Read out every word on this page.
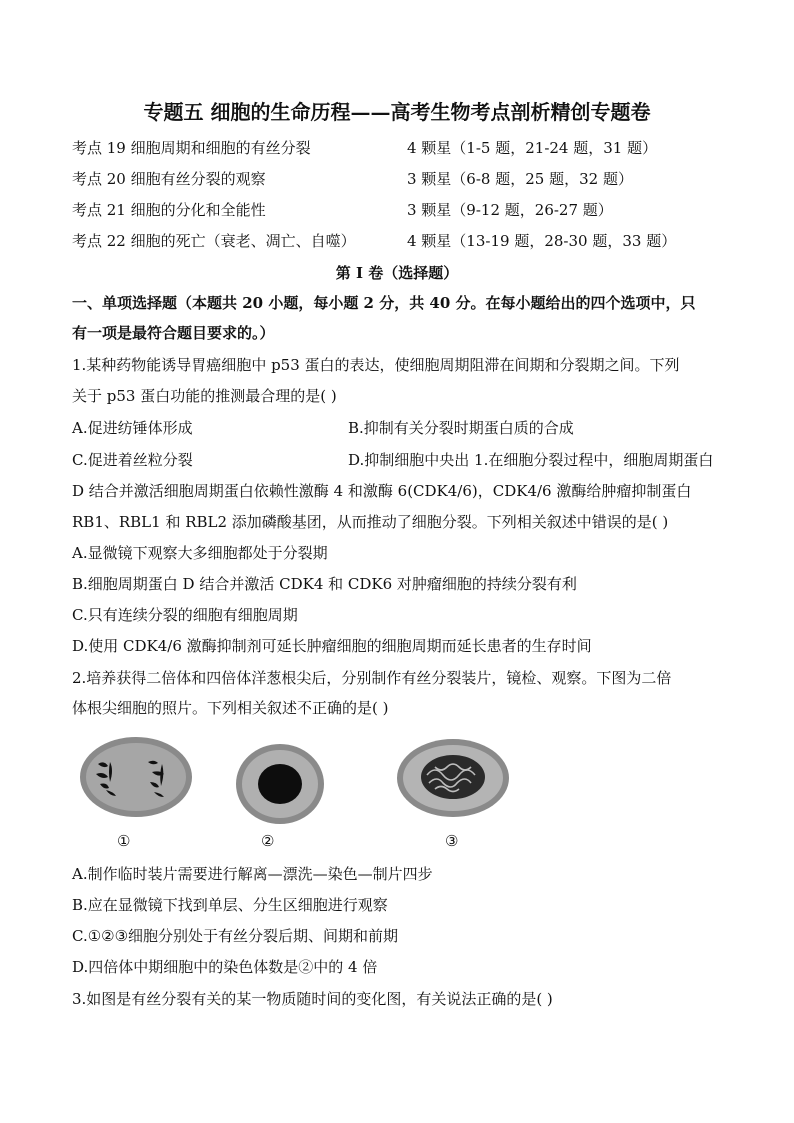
专题五 细胞的生命历程——高考生物考点剖析精创专题卷
考点 19 细胞周期和细胞的有丝分裂	4 颗星（1-5 题，21-24 题，31 题）
考点 20 细胞有丝分裂的观察	3 颗星（6-8 题，25 题，32 题）
考点 21 细胞的分化和全能性	3 颗星（9-12 题，26-27 题）
考点 22 细胞的死亡（衰老、凋亡、自噬）	4 颗星（13-19 题，28-30 题，33 题）
第 I 卷（选择题）
一、单项选择题（本题共 20 小题，每小题 2 分，共 40 分。在每小题给出的四个选项中，只
有一项是最符合题目要求的。）
1.某种药物能诱导胃癌细胞中 p53 蛋白的表达，使细胞周期阻滞在间期和分裂期之间。下列
关于 p53 蛋白功能的推测最合理的是( )
A.促进纺锤体形成	B.抑制有关分裂时期蛋白质的合成
C.促进着丝粒分裂	D.抑制细胞中央出 1.在细胞分裂过程中，细胞周期蛋白
D 结合并激活细胞周期蛋白依赖性激酶 4 和激酶 6(CDK4/6)，CDK4/6 激酶给肿瘤抑制蛋白
RB1、RBL1 和 RBL2 添加磷酸基团，从而推动了细胞分裂。下列相关叙述中错误的是( )
A.显微镜下观察大多细胞都处于分裂期
B.细胞周期蛋白 D 结合并激活 CDK4 和 CDK6 对肿瘤细胞的持续分裂有利
C.只有连续分裂的细胞有细胞周期
D.使用 CDK4/6 激酶抑制剂可延长肿瘤细胞的细胞周期而延长患者的生存时间
2.培养获得二倍体和四倍体洋葱根尖后，分别制作有丝分裂装片，镜检、观察。下图为二倍
体根尖细胞的照片。下列相关叙述不正确的是( )
①	②	③
A.制作临时装片需要进行解离—漂洗—染色—制片四步
B.应在显微镜下找到单层、分生区细胞进行观察
C.①②③细胞分别处于有丝分裂后期、间期和前期
D.四倍体中期细胞中的染色体数是②中的 4 倍
3.如图是有丝分裂有关的某一物质随时间的变化图，有关说法正确的是( )
